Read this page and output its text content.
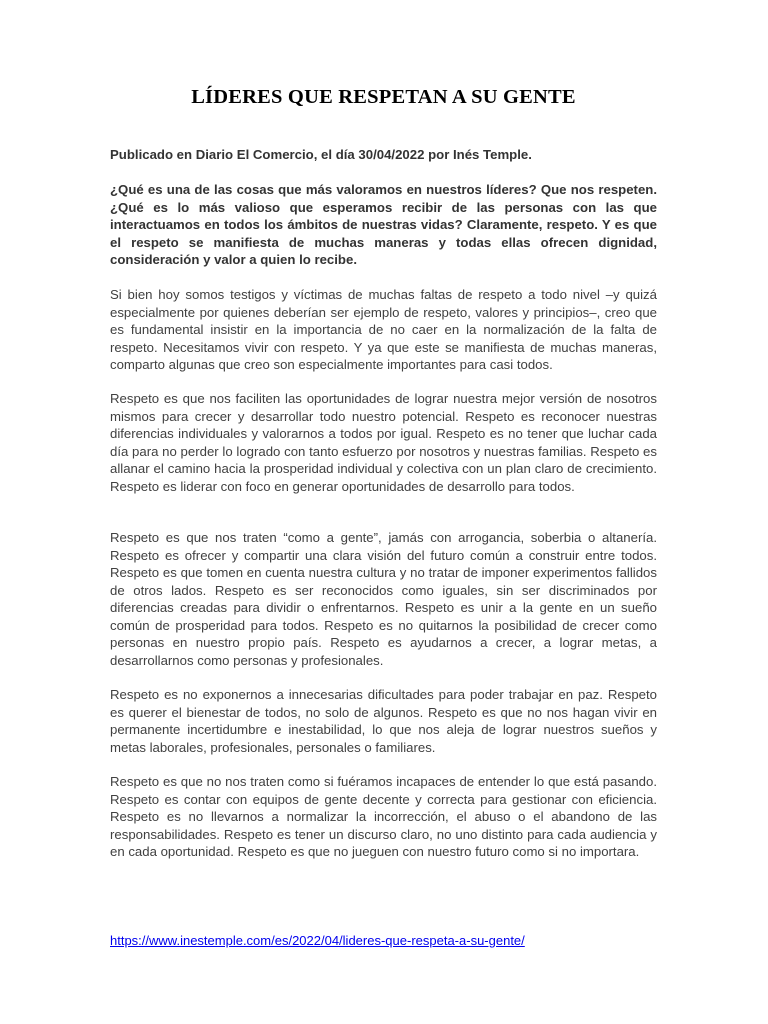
LÍDERES QUE RESPETAN A SU GENTE

Publicado en Diario El Comercio, el día 30/04/2022 por Inés Temple.

¿Qué es una de las cosas que más valoramos en nuestros líderes? Que nos respeten. ¿Qué es lo más valioso que esperamos recibir de las personas con las que interactuamos en todos los ámbitos de nuestras vidas? Claramente, respeto. Y es que el respeto se manifiesta de muchas maneras y todas ellas ofrecen dignidad, consideración y valor a quien lo recibe.

Si bien hoy somos testigos y víctimas de muchas faltas de respeto a todo nivel –y quizá especialmente por quienes deberían ser ejemplo de respeto, valores y principios–, creo que es fundamental insistir en la importancia de no caer en la normalización de la falta de respeto. Necesitamos vivir con respeto. Y ya que este se manifiesta de muchas maneras, comparto algunas que creo son especialmente importantes para casi todos.

Respeto es que nos faciliten las oportunidades de lograr nuestra mejor versión de nosotros mismos para crecer y desarrollar todo nuestro potencial. Respeto es reconocer nuestras diferencias individuales y valorarnos a todos por igual. Respeto es no tener que luchar cada día para no perder lo logrado con tanto esfuerzo por nosotros y nuestras familias. Respeto es allanar el camino hacia la prosperidad individual y colectiva con un plan claro de crecimiento. Respeto es liderar con foco en generar oportunidades de desarrollo para todos.

Respeto es que nos traten “como a gente”, jamás con arrogancia, soberbia o altanería. Respeto es ofrecer y compartir una clara visión del futuro común a construir entre todos. Respeto es que tomen en cuenta nuestra cultura y no tratar de imponer experimentos fallidos de otros lados. Respeto es ser reconocidos como iguales, sin ser discriminados por diferencias creadas para dividir o enfrentarnos. Respeto es unir a la gente en un sueño común de prosperidad para todos. Respeto es no quitarnos la posibilidad de crecer como personas en nuestro propio país. Respeto es ayudarnos a crecer, a lograr metas, a desarrollarnos como personas y profesionales.

Respeto es no exponernos a innecesarias dificultades para poder trabajar en paz. Respeto es querer el bienestar de todos, no solo de algunos. Respeto es que no nos hagan vivir en permanente incertidumbre e inestabilidad, lo que nos aleja de lograr nuestros sueños y metas laborales, profesionales, personales o familiares.

Respeto es que no nos traten como si fuéramos incapaces de entender lo que está pasando. Respeto es contar con equipos de gente decente y correcta para gestionar con eficiencia. Respeto es no llevarnos a normalizar la incorrección, el abuso o el abandono de las responsabilidades. Respeto es tener un discurso claro, no uno distinto para cada audiencia y en cada oportunidad. Respeto es que no jueguen con nuestro futuro como si no importara.

https://www.inestemple.com/es/2022/04/lideres-que-respeta-a-su-gente/
